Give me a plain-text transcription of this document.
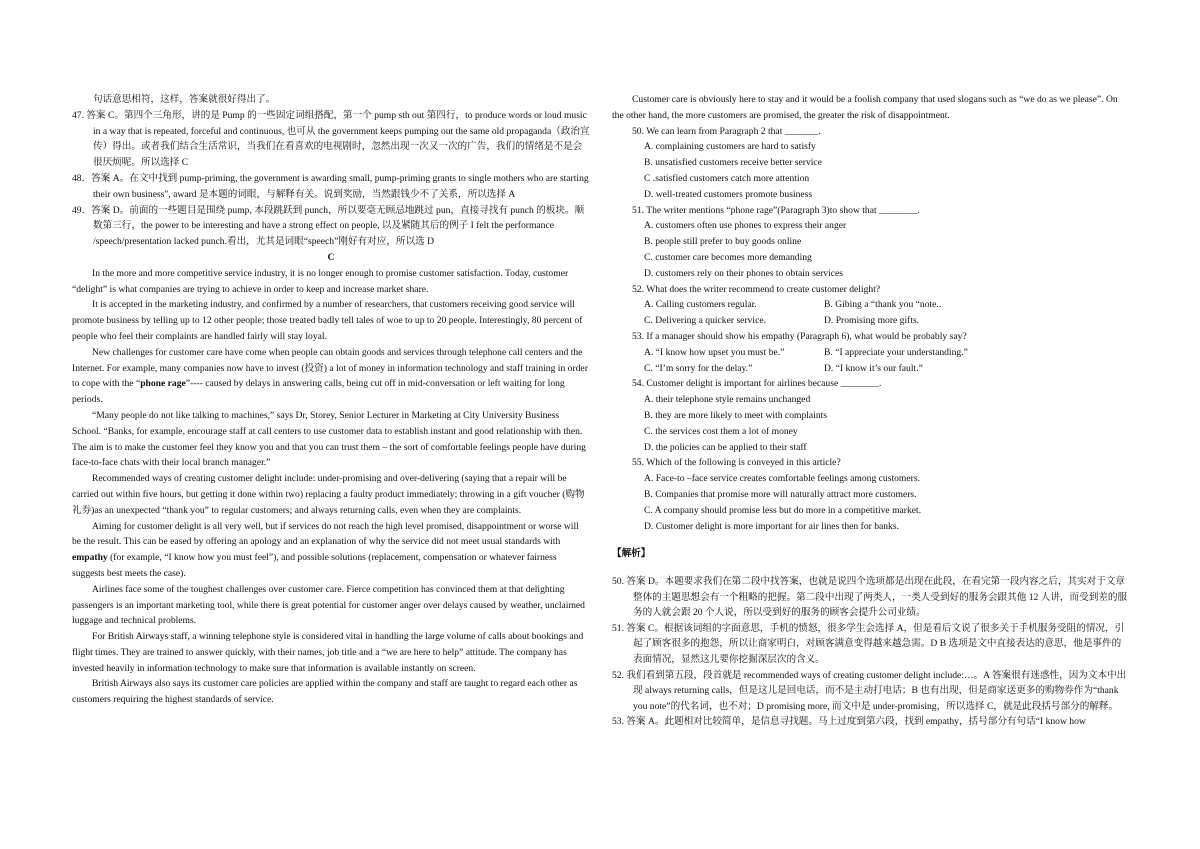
句话意思相符，这样，答案就很好得出了。

47. 答案 C。第四个三角形，讲的是 Pump 的一些固定词组搭配，第一个 pump sth out 第四行，to produce words or loud music in a way that is repeated, forceful and continuous, 也可从 the government keeps pumping out the same old propaganda（政治宣传）得出。或者我们结合生活常识，当我们在看喜欢的电视剧时，忽然出现一次又一次的广告，我们的情绪是不是会很厌烦呢。所以选择 C

48．答案 A。在文中找到 pump-priming, the government is awarding small, pump-priming grants to single mothers who are starting their own business", award 是本题的词眼，与解释有关。说到奖励，当然跟钱少不了关系，所以选择 A

49．答案 D。前面的一些题目是围绕 pump, 本段跳跃到 punch，所以要毫无顾忌地跳过 pun，直接寻找有 punch 的板块。顺数第三行，the power to be interesting and have a strong effect on people, 以及紧随其后的例子 I felt the performance /speech/presentation lacked punch.看出，尤其是词眼“speech”刚好有对应，所以选 D

C

In the more and more competitive service industry, it is no longer enough to promise customer satisfaction. Today, customer “delight” is what companies are trying to achieve in order to keep and increase market share.

It is accepted in the marketing industry, and confirmed by a number of researchers, that customers receiving good service will promote business by telling up to 12 other people; those treated badly tell tales of woe to up to 20 people. Interestingly, 80 percent of people who feel their complaints are handled fairly will stay loyal.

New challenges for customer care have come when people can obtain goods and services through telephone call centers and the Internet. For example, many companies now have to invest (投资) a lot of money in information technology and staff training in order to cope with the “phone rage”---- caused by delays in answering calls, being cut off in mid-conversation or left waiting for long periods.

“Many people do not like talking to machines,” says Dr, Storey, Senior Lecturer in Marketing at City University Business School. “Banks, for example, encourage staff at call centers to use customer data to establish instant and good relationship with then. The aim is to make the customer feel they know you and that you can trust them – the sort of comfortable feelings people have during face-to-face chats with their local branch manager.”

Recommended ways of creating customer delight include: under-promising and over-delivering (saying that a repair will be carried out within five hours, but getting it done within two) replacing a faulty product immediately; throwing in a gift voucher (购物礼券)as an unexpected “thank you” to regular customers; and always returning calls, even when they are complaints.

Aiming for customer delight is all very well, but if services do not reach the high level promised, disappointment or worse will be the result. This can be eased by offering an apology and an explanation of why the service did not meet usual standards with empathy (for example, “I know how you must feel”), and possible solutions (replacement, compensation or whatever fairness suggests best meets the case).

Airlines face some of the toughest challenges over customer care. Fierce competition has convinced them at that delighting passengers is an important marketing tool, while there is great potential for customer anger over delays caused by weather, unclaimed luggage and technical problems.

For British Airways staff, a winning telephone style is considered vital in handling the large volume of calls about bookings and flight times. They are trained to answer quickly, with their names, job title and a “we are here to help” attitude. The company has invested heavily in information technology to make sure that information is available instantly on screen.

British Airways also says its customer care policies are applied within the company and staff are taught to regard each other as customers requiring the highest standards of service.

Customer care is obviously here to stay and it would be a foolish company that used slogans such as “we do as we please”. On the other hand, the more customers are promised, the greater the risk of disappointment.

50. We can learn from Paragraph 2 that _______.

A. complaining customers are hard to satisfy

B. unsatisfied customers receive better service

C .satisfied customers catch more attention

D. well-treated customers promote business

51. The writer mentions “phone rage”(Paragraph 3)to show that ________.

A. customers often use phones to express their anger

B. people still prefer to buy goods online

C. customer care becomes more demanding

D. customers rely on their phones to obtain services

52. What does the writer recommend to create customer delight?

A. Calling customers regular.	B. Gibing a “thank you “note..

C. Delivering a quicker service.	D. Promising more gifts.

53. If a manager should show his empathy (Paragraph 6), what would be probably say?

A. “I know how upset you must be.”	B. “I appreciate your understanding.”

C. “I’m sorry for the delay.”	D. “I know it’s our fault.”

54. Customer delight is important for airlines because ________.

A. their telephone style remains unchanged

B. they are more likely to meet with complaints

C. the services cost them a lot of money

D. the policies can be applied to their staff

55. Which of the following is conveyed in this article?

A. Face-to –face service creates comfortable feelings among customers.

B. Companies that promise more will naturally attract more customers.

C. A company should promise less but do more in a competitive market.

D. Customer delight is more important for air lines then for banks.

【解析】

50. 答案 D。本题要求我们在第二段中找答案，也就是说四个选项都是出现在此段，在看完第一段内容之后，其实对于文章整体的主题思想会有一个粗略的把握。第二段中出现了两类人，一类人受到好的服务会跟其他 12 人讲，而受到差的服务的人就会跟 20 个人说，所以受到好的服务的顾客会提升公司业绩。

51. 答案 C。根据该词组的字面意思，手机的愤怒，很多学生会选择 A，但是看后文说了很多关于手机服务受阻的情况，引起了顾客很多的抱怨，所以让商家明白，对顾客满意变得越来越急需。D B 选项是文中直接表达的意思，他是事件的表面情况，显然这儿要你挖掘深层次的含义。

52. 我们看到第五段，段首就是 recommended ways of creating customer delight include:…。A 答案很有迷惑性，因为文本中出现 always returning calls，但是这儿是回电话，而不是主动打电话；B 也有出现，但是商家送更多的购物券作为“thank you note”的代名词，也不对；D promising more, 而文中是 under-promising，所以选择 C，就是此段括号部分的解释。

53. 答案 A。此题相对比较简单，是信息寻找题。马上过度到第六段，找到 empathy，括号部分有句话“I know how
